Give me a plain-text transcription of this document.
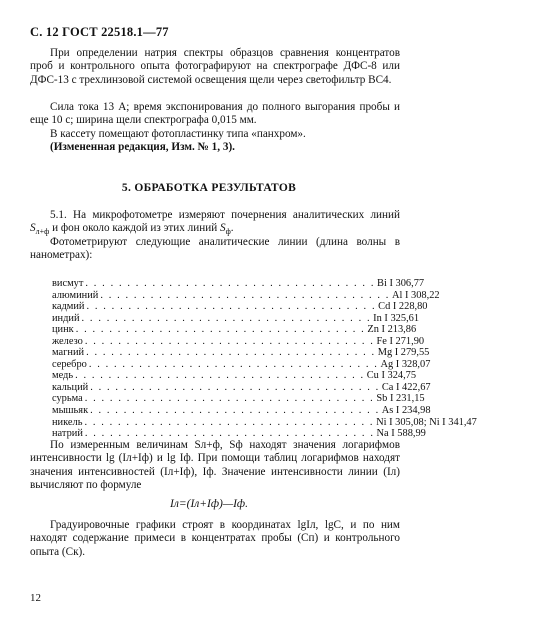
С. 12 ГОСТ 22518.1—77
При определении натрия спектры образцов сравнения концентратов проб и контрольного опыта фотографируют на спектрографе ДФС-8 или ДФС-13 с трехлинзовой системой освещения щели через светофильтр ВС4.
Сила тока 13 А; время экспонирования до полного выгорания пробы и еще 10 с; ширина щели спектрографа 0,015 мм.
В кассету помещают фотопластинку типа «панхром».
(Измененная редакция, Изм. № 1, 3).
5. ОБРАБОТКА РЕЗУЛЬТАТОВ
5.1. На микрофотометре измеряют почернения аналитических линий $S_{л+ф}$ и фон около каждой из этих линий $S_ф$.
Фотометрируют следующие аналитические линии (длина волны в нанометрах):
висмут . . . . . . . . . . . . . . . . . . . . . . . . . . . . . . . . . . . Bi I 306,77
алюминий . . . . . . . . . . . . . . . . . . . . . . . . . . . . . . . . . . . Al I 308,22
кадмий . . . . . . . . . . . . . . . . . . . . . . . . . . . . . . . . . . . Cd I 228,80
индий . . . . . . . . . . . . . . . . . . . . . . . . . . . . . . . . . . . In I 325,61
цинк . . . . . . . . . . . . . . . . . . . . . . . . . . . . . . . . . . . Zn I 213,86
железо . . . . . . . . . . . . . . . . . . . . . . . . . . . . . . . . . . . Fe I 271,90
магний . . . . . . . . . . . . . . . . . . . . . . . . . . . . . . . . . . . Mg I 279,55
серебро . . . . . . . . . . . . . . . . . . . . . . . . . . . . . . . . . . . Ag I 328,07
медь . . . . . . . . . . . . . . . . . . . . . . . . . . . . . . . . . . . Cu I 324,75
кальций . . . . . . . . . . . . . . . . . . . . . . . . . . . . . . . . . . . Ca I 422,67
сурьма . . . . . . . . . . . . . . . . . . . . . . . . . . . . . . . . . . . Sb I 231,15
мышьяк . . . . . . . . . . . . . . . . . . . . . . . . . . . . . . . . . . . As I 234,98
никель . . . . . . . . . . . . . . . . . . . . . . . . . . . . . . . . . . . Ni I 305,08; Ni I 341,47
натрий . . . . . . . . . . . . . . . . . . . . . . . . . . . . . . . . . . . Na I 588,99
По измеренным величинам Sл+ф, Sф находят значения логарифмов интенсивности lg (Iл+Iф) и lg Iф. При помощи таблиц логарифмов находят значения интенсивностей (Iл+Iф), Iф. Значение интенсивности линии (Iл) вычисляют по формуле
Iл=(Iл+Iф)—Iф.
Градуировочные графики строят в координатах lgIл, lgC, и по ним находят содержание примеси в концентратах пробы (Cп) и контрольного опыта (Cк).
12
